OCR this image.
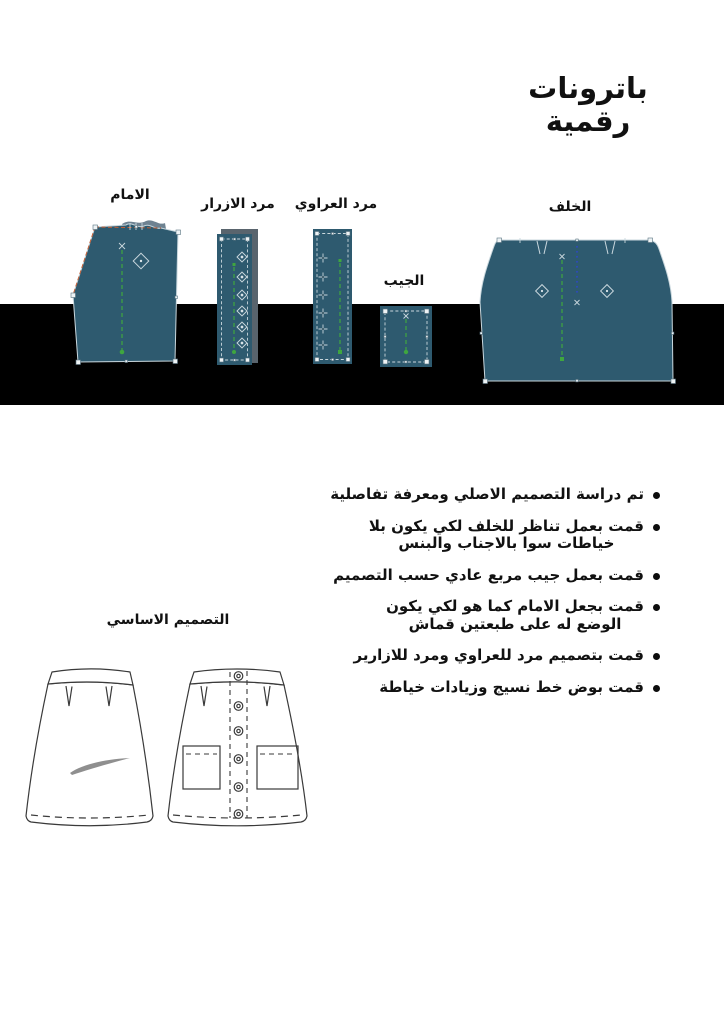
باترونات
رقمية
الامام
مرد الازرار	مرد العراوي
الجيب
الخلف
تم دراسة التصميم الاصلي ومعرفة تفاصلية
قمت بعمل تناظر للخلف لكي يكون بلا
خياطات سوا بالاجناب والبنس
قمت بعمل جيب مربع عادي حسب التصميم
قمت بجعل الامام كما هو لكي يكون
الوضع له على طبعتين قماش
قمت بتصميم مرد للعراوي ومرد للازارير
قمت بوض خط نسيج وزيادات خياطة
التصميم الاساسي
